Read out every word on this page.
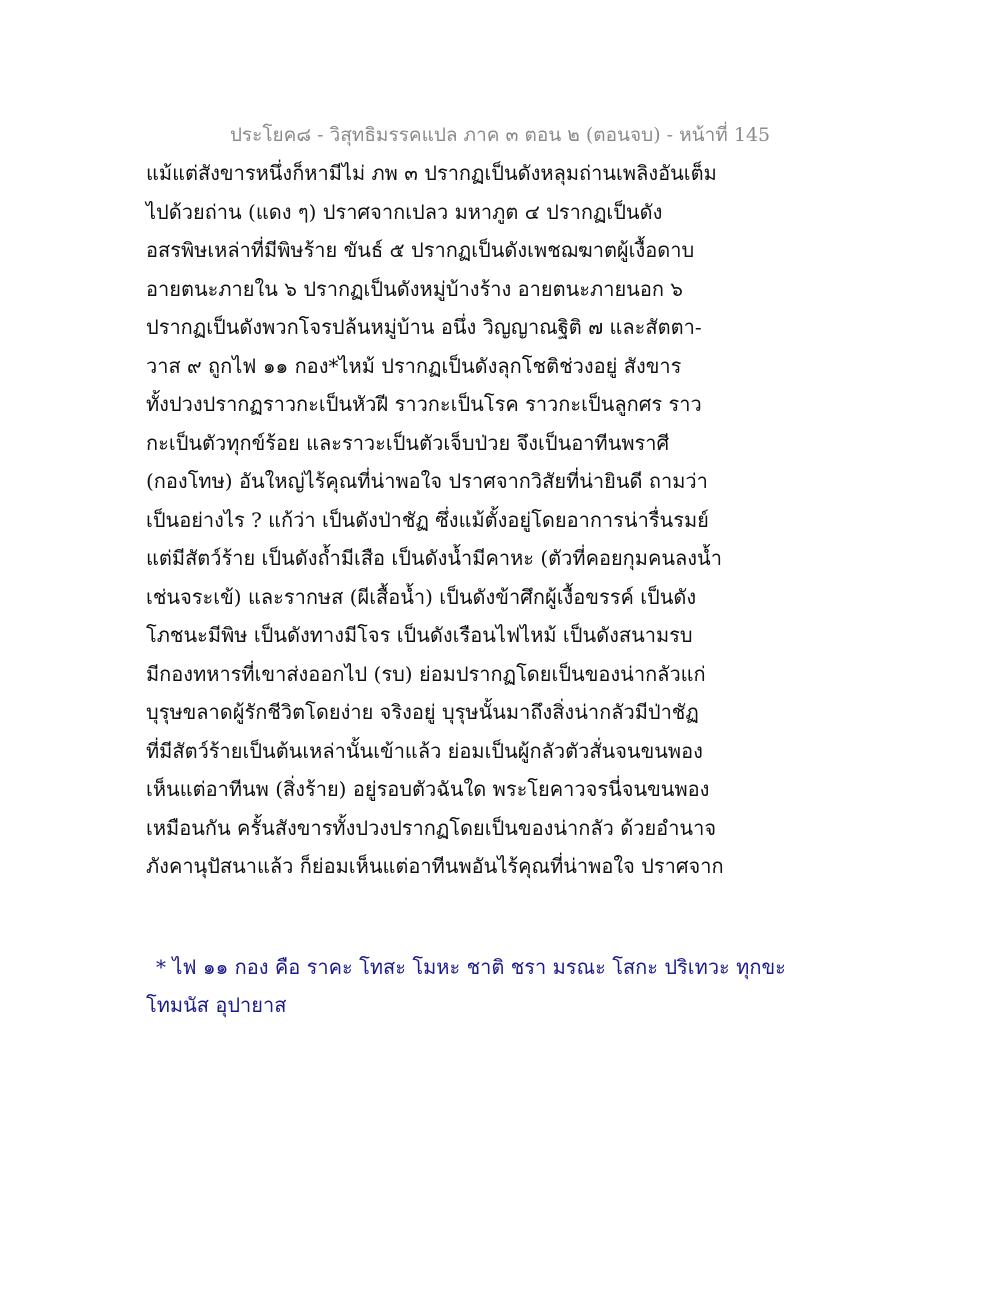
ประโยค๘ - วิสุทธิมรรคแปล ภาค ๓ ตอน ๒ (ตอนจบ) - หน้าที่ 145
แม้แต่สังขารหนึ่งก็หามีไม่ ภพ ๓ ปรากฏเป็นดังหลุมถ่านเพลิงอันเต็ม
ไปด้วยถ่าน (แดง ๆ) ปราศจากเปลว มหาภูต ๔ ปรากฏเป็นดัง
อสรพิษเหล่าที่มีพิษร้าย ขันธ์ ๕ ปรากฏเป็นดังเพชฌฆาตผู้เงื้อดาบ
อายตนะภายใน ๖ ปรากฏเป็นดังหมู่บ้างร้าง อายตนะภายนอก ๖
ปรากฏเป็นดังพวกโจรปล้นหมู่บ้าน อนึ่ง วิญญาณฐิติ ๗ และสัตตา-
วาส ๙ ถูกไฟ ๑๑ กอง*ไหม้ ปรากฏเป็นดังลุกโชติช่วงอยู่ สังขาร
ทั้งปวงปรากฏราวกะเป็นหัวฝี ราวกะเป็นโรค ราวกะเป็นลูกศร ราว
กะเป็นตัวทุกข์ร้อย และราวะเป็นตัวเจ็บป่วย จึงเป็นอาทีนพราศี
(กองโทษ) อันใหญ่ไร้คุณที่น่าพอใจ ปราศจากวิสัยที่น่ายินดี ถามว่า
เป็นอย่างไร ? แก้ว่า เป็นดังป่าชัฏ ซึ่งแม้ตั้งอยู่โดยอาการน่ารื่นรมย์
แต่มีสัตว์ร้าย เป็นดังถ้ำมีเสือ เป็นดังน้ำมีคาหะ (ตัวที่คอยกุมคนลงน้ำ
เช่นจระเข้) และรากษส (ผีเสื้อน้ำ) เป็นดังข้าศึกผู้เงื้อขรรค์ เป็นดัง
โภชนะมีพิษ เป็นดังทางมีโจร เป็นดังเรือนไฟไหม้ เป็นดังสนามรบ
มีกองทหารที่เขาส่งออกไป (รบ) ย่อมปรากฏโดยเป็นของน่ากลัวแก่
บุรุษขลาดผู้รักชีวิตโดยง่าย จริงอยู่ บุรุษนั้นมาถึงสิ่งน่ากลัวมีป่าชัฏ
ที่มีสัตว์ร้ายเป็นต้นเหล่านั้นเข้าแล้ว ย่อมเป็นผู้กลัวตัวสั่นจนขนพอง
เห็นแต่อาทีนพ (สิ่งร้าย) อยู่รอบตัวฉันใด พระโยคาวจรนี่จนขนพอง
เหมือนกัน ครั้นสังขารทั้งปวงปรากฏโดยเป็นของน่ากลัว ด้วยอำนาจ
ภังคานุปัสนาแล้ว ก็ย่อมเห็นแต่อาทีนพอันไร้คุณที่น่าพอใจ ปราศจาก
* ไฟ ๑๑ กอง คือ ราคะ โทสะ โมหะ ชาติ ชรา มรณะ โสกะ ปริเทวะ ทุกขะ
โทมนัส อุปายาส
